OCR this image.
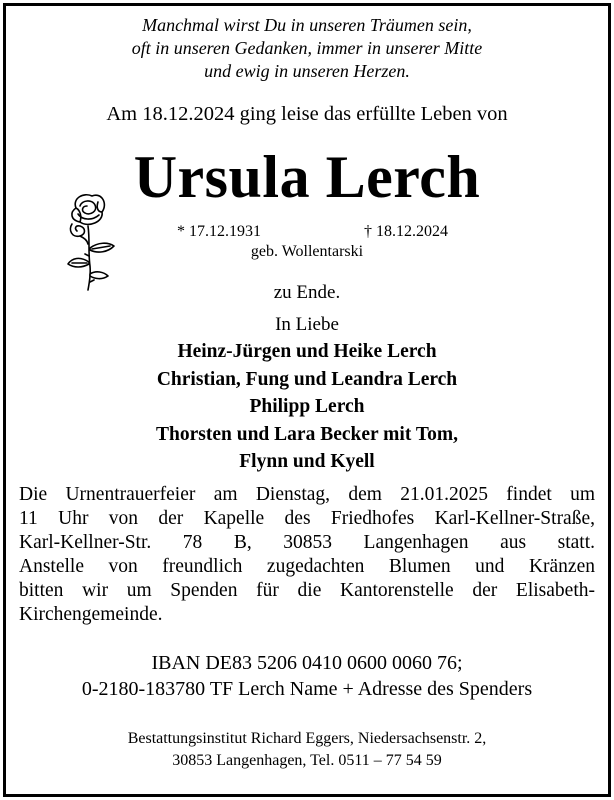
Manchmal wirst Du in unseren Träumen sein,
oft in unseren Gedanken, immer in unserer Mitte
und ewig in unseren Herzen.
Am 18.12.2024 ging leise das erfüllte Leben von
Ursula Lerch
* 17.12.1931	† 18.12.2024
geb. Wollentarski
zu Ende.
In Liebe
Heinz-Jürgen und Heike Lerch
Christian, Fung und Leandra Lerch
Philipp Lerch
Thorsten und Lara Becker mit Tom,
Flynn und Kyell
Die Urnentrauerfeier am Dienstag, dem 21.01.2025 findet um
11 Uhr von der Kapelle des Friedhofes Karl-Kellner-Straße,
Karl-Kellner-Str. 78 B, 30853 Langenhagen aus statt.
Anstelle von freundlich zugedachten Blumen und Kränzen
bitten wir um Spenden für die Kantorenstelle der Elisabeth-
Kirchengemeinde.
IBAN DE83 5206 0410 0600 0060 76;
0-2180-183780 TF Lerch Name + Adresse des Spenders
Bestattungsinstitut Richard Eggers, Niedersachsenstr. 2,
30853 Langenhagen, Tel. 0511 – 77 54 59
